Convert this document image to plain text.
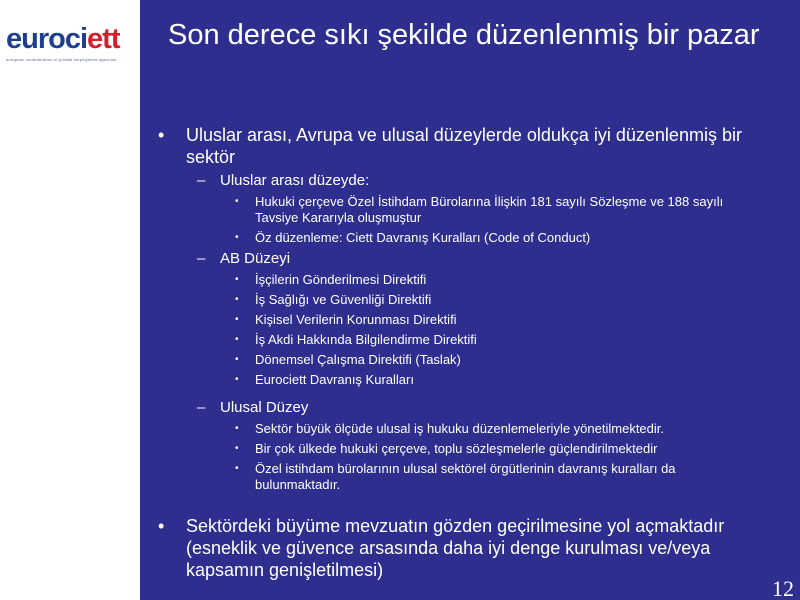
eurociett
european confederation of private employment agencies
Son derece sıkı şekilde düzenlenmiş bir pazar
• Uluslar arası, Avrupa ve ulusal düzeylerde oldukça iyi düzenlenmiş bir sektör
– Uluslar arası düzeyde:
• Hukuki çerçeve Özel İstihdam Bürolarına İlişkin 181 sayılı Sözleşme ve 188 sayılı Tavsiye Kararıyla oluşmuştur
• Öz düzenleme: Ciett Davranış Kuralları (Code of Conduct)
– AB Düzeyi
• İşçilerin Gönderilmesi Direktifi
• İş Sağlığı ve Güvenliği Direktifi
• Kişisel Verilerin Korunması Direktifi
• İş Akdi Hakkında Bilgilendirme Direktifi
• Dönemsel Çalışma Direktifi (Taslak)
• Eurociett Davranış Kuralları
– Ulusal Düzey
• Sektör büyük ölçüde ulusal iş hukuku düzenlemeleriyle yönetilmektedir.
• Bir çok ülkede hukuki çerçeve, toplu sözleşmelerle güçlendirilmektedir
• Özel istihdam bürolarının ulusal sektörel örgütlerinin davranış kuralları da bulunmaktadır.
• Sektördeki büyüme mevzuatın gözden geçirilmesine yol açmaktadır (esneklik ve güvence arsasında daha iyi denge kurulması ve/veya kapsamın genişletilmesi)
12
